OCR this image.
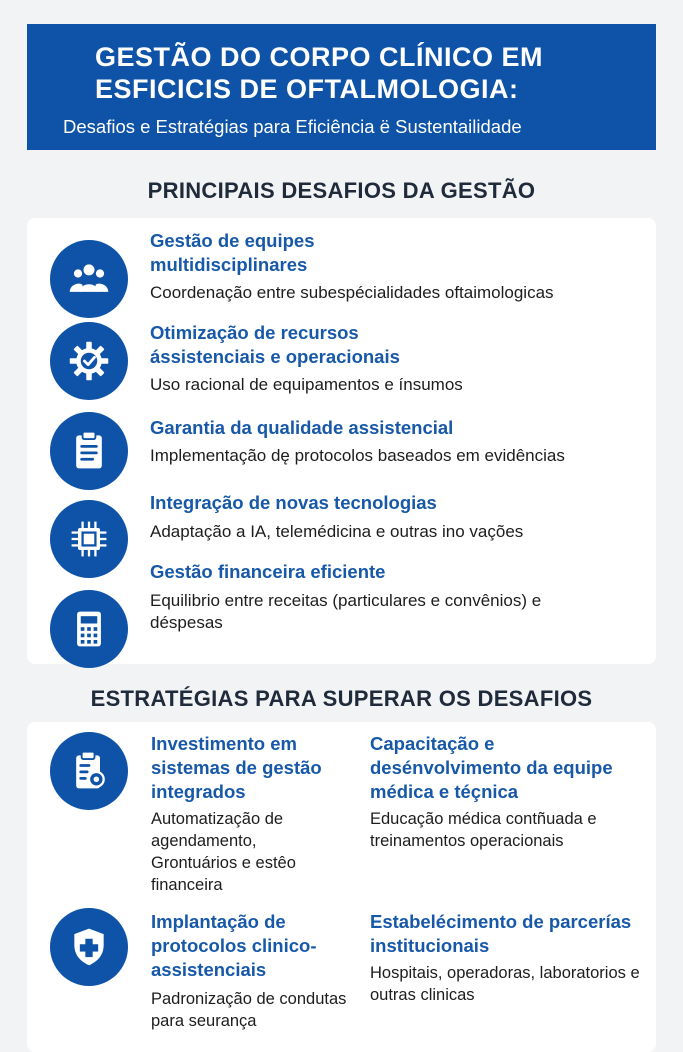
GESTÃO DO CORPO CLÍNICO EM
ESFICICIS DE OFTALMOLOGIA:
Desafios e Estratégias para Eficiência ë Sustentailidade
PRINCIPAIS DESAFIOS DA GESTÃO
Gestão de equipes multidisciplinares
Coordenação entre subespécialidades oftaimologicas
Otimização de recursos ássistenciais e operacionais
Uso racional de equipamentos e ínsumos
Garantia da qualidade assistencial
Implementação dę protocolos baseados em evidências
Integração de novas tecnologias
Adaptação a IA, telemédicina e outras ino vações
Gestão financeira eficiente
Equilibrio entre receitas (particulares e convênios) e déspesas
ESTRATÉGIAS PARA SUPERAR OS DESAFIOS
Investimento em sistemas de gestão integrados
Automatização de agendamento, Grontuários e estêo financeira
Capacitação e desénvolvimento da equipe médica e téçnica
Educação médica contñuada e treinamentos operacionais
Implantação de protocolos clinico-assistenciais
Padronização de condutas para seurança
Estabelécimento de parcerías institucionais
Hospitais, operadoras, laboratorios e outras clinicas
